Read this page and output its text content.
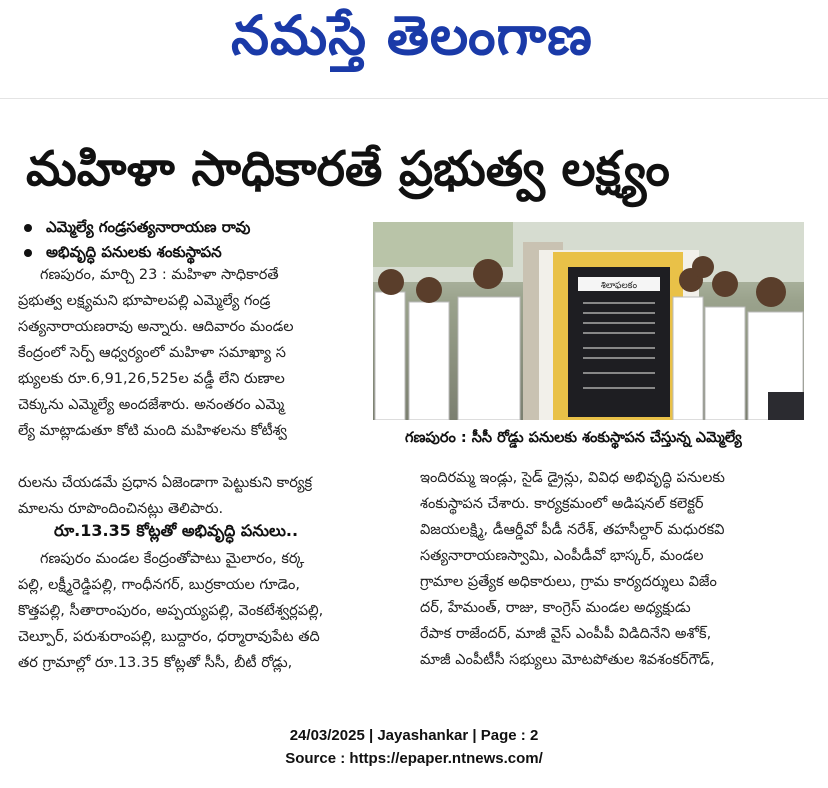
నమస్తే తెలంగాణ
మహిళా సాధికారతే ప్రభుత్వ లక్ష్యం
ఎమ్మెల్యే గండ్రసత్యనారాయణ రావు
అభివృద్ధి పనులకు శంకుస్థాపన
గణపురం, మార్చి 23 : మహిళా సాధికారతే
ప్రభుత్వ లక్ష్యమని భూపాలపల్లి ఎమ్మెల్యే గండ్ర
సత్యనారాయణరావు అన్నారు. ఆదివారం మండల
కేంద్రంలో సెర్ప్ ఆధ్వర్యంలో మహిళా సమాఖ్యా స
భ్యులకు రూ.6,91,26,525ల వడ్డీ లేని రుణాల
చెక్కును ఎమ్మెల్యే అందజేశారు. అనంతరం ఎమ్మె
ల్యే మాట్లాడుతూ కోటి మంది మహిళలను కోటీశ్వ
రులను చేయడమే ప్రధాన ఏజెండాగా పెట్టుకుని కార్యక్ర
మాలను రూపొందించినట్లు తెలిపారు.
రూ.13.35 కోట్లతో అభివృద్ధి పనులు..
గణపురం మండల కేంద్రంతోపాటు మైలారం, కర్క
పల్లి, లక్ష్మీరెడ్డిపల్లి, గాంధీనగర్, బుర్రకాయల గూడెం,
కొత్తపల్లి, సీతారాంపురం, అప్పయ్యపల్లి, వెంకటేశ్వర్లపల్లి,
చెల్పూర్, పరుశురాంపల్లి, బుద్దారం, ధర్మారావుపేట తది
తర గ్రామాల్లో రూ.13.35 కోట్లతో సీసీ, బీటీ రోడ్లు,
శిలాఫలకం
గణపురం : సీసీ రోడ్డు పనులకు శంకుస్థాపన చేస్తున్న ఎమ్మెల్యే
ఇందిరమ్మ ఇండ్లు, సైడ్ డ్రైన్లు, వివిధ అభివృద్ధి పనులకు
శంకుస్థాపన చేశారు. కార్యక్రమంలో అడిషనల్ కలెక్టర్
విజయలక్ష్మి, డీఆర్డీవో పీడీ నరేశ్, తహసీల్దార్ మధురకవి
సత్యనారాయణస్వామి, ఎంపీడీవో భాస్కర్, మండల
గ్రామాల ప్రత్యేక అధికారులు, గ్రామ కార్యదర్శులు విజేం
దర్, హేమంత్, రాజు, కాంగ్రెస్ మండల అధ్యక్షుడు
రేపాక రాజేందర్, మాజీ వైస్ ఎంపీపీ విడిదినేని అశోక్,
మాజీ ఎంపీటీసీ సభ్యులు మోటపోతుల శివశంకర్‌గౌడ్,
24/03/2025 | Jayashankar | Page : 2
Source : https://epaper.ntnews.com/
